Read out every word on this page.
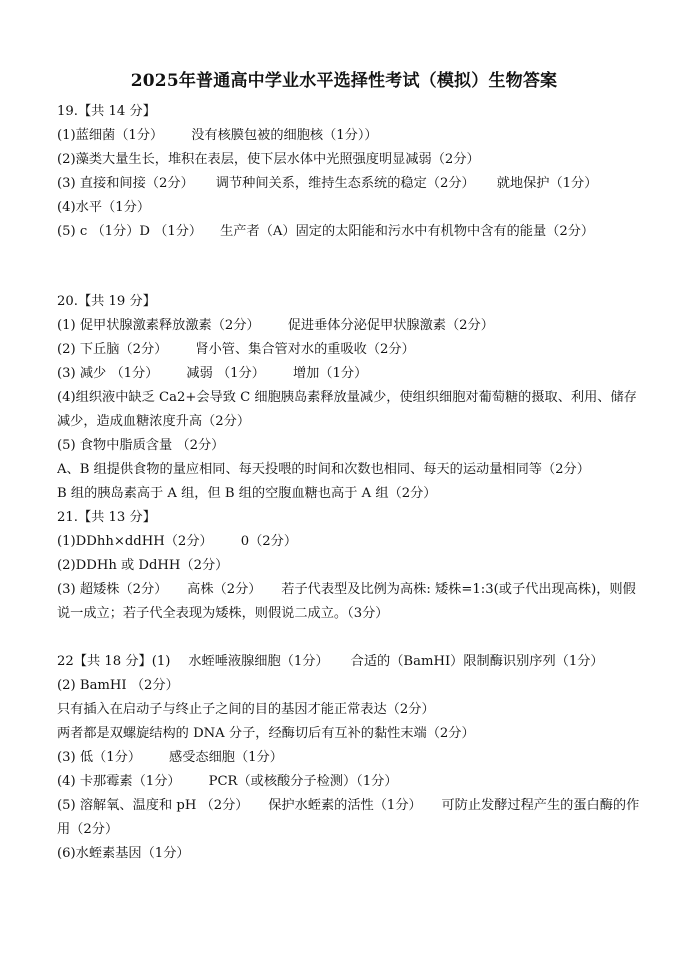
2025年普通高中学业水平选择性考试（模拟）生物答案
19.【共 14 分】
(1)蓝细菌（1分） 没有核膜包被的细胞核（1分））
(2)藻类大量生长，堆积在表层，使下层水体中光照强度明显减弱（2分）
(3) 直接和间接（2分） 调节种间关系，维持生态系统的稳定（2分） 就地保护（1分）
(4)水平（1分）
(5) c （1分）D （1分） 生产者（A）固定的太阳能和污水中有机物中含有的能量（2分）
20.【共 19 分】
(1) 促甲状腺激素释放激素（2分） 促进垂体分泌促甲状腺激素（2分）
(2) 下丘脑（2分） 肾小管、集合管对水的重吸收（2分）
(3) 减少 （1分） 减弱 （1分） 增加（1分）
(4)组织液中缺乏 Ca2+会导致 C 细胞胰岛素释放量减少，使组织细胞对葡萄糖的摄取、利用、储存减少，造成血糖浓度升高（2分）
(5) 食物中脂质含量 （2分）
A、B 组提供食物的量应相同、每天投喂的时间和次数也相同、每天的运动量相同等（2分）
B 组的胰岛素高于 A 组，但 B 组的空腹血糖也高于 A 组（2分）
21.【共 13 分】
(1)DDhh×ddHH（2分） 0（2分）
(2)DDHh 或 DdHH（2分）
(3) 超矮株（2分）　　高株（2分）　　若子代表型及比例为高株: 矮株=1:3(或子代出现高株)，则假说一成立；若子代全表现为矮株，则假说二成立。（3分）
22【共 18 分】(1) 水蛭唾液腺细胞（1分） 合适的（BamHI）限制酶识别序列（1分）
(2) BamHI （2分）
只有插入在启动子与终止子之间的目的基因才能正常表达（2分）
两者都是双螺旋结构的 DNA 分子，经酶切后有互补的黏性末端（2分）
(3) 低（1分） 感受态细胞（1分）
(4) 卡那霉素（1分） PCR（或核酸分子检测）（1分）
(5) 溶解氧、温度和 pH （2分）　　保护水蛭素的活性（1分）　　可防止发酵过程产生的蛋白酶的作用（2分）
(6)水蛭素基因（1分）
